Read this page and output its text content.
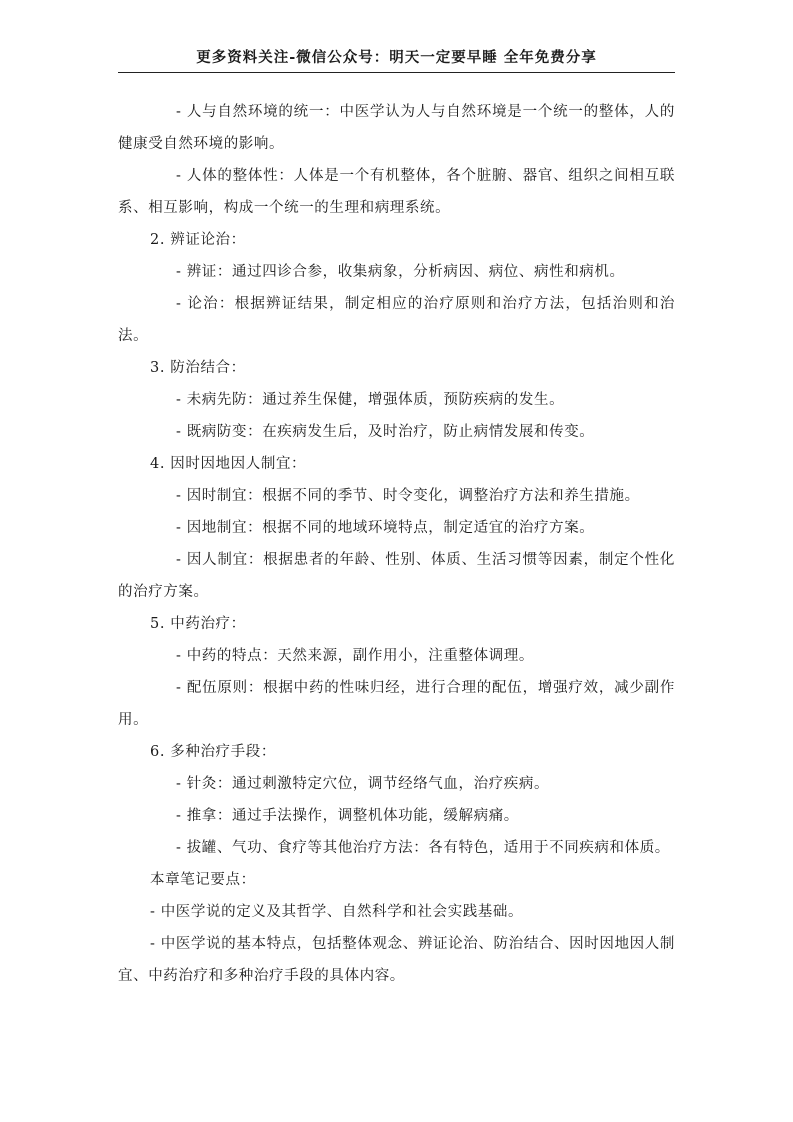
更多资料关注-微信公众号：明天一定要早睡 全年免费分享

- 人与自然环境的统一：中医学认为人与自然环境是一个统一的整体，人的健康受自然环境的影响。

- 人体的整体性：人体是一个有机整体，各个脏腑、器官、组织之间相互联系、相互影响，构成一个统一的生理和病理系统。

2. 辨证论治：

- 辨证：通过四诊合参，收集病象，分析病因、病位、病性和病机。

- 论治：根据辨证结果，制定相应的治疗原则和治疗方法，包括治则和治法。

3. 防治结合：

- 未病先防：通过养生保健，增强体质，预防疾病的发生。

- 既病防变：在疾病发生后，及时治疗，防止病情发展和传变。

4. 因时因地因人制宜：

- 因时制宜：根据不同的季节、时令变化，调整治疗方法和养生措施。

- 因地制宜：根据不同的地域环境特点，制定适宜的治疗方案。

- 因人制宜：根据患者的年龄、性别、体质、生活习惯等因素，制定个性化的治疗方案。

5. 中药治疗：

- 中药的特点：天然来源，副作用小，注重整体调理。

- 配伍原则：根据中药的性味归经，进行合理的配伍，增强疗效，减少副作用。

6. 多种治疗手段：

- 针灸：通过刺激特定穴位，调节经络气血，治疗疾病。

- 推拿：通过手法操作，调整机体功能，缓解病痛。

- 拔罐、气功、食疗等其他治疗方法：各有特色，适用于不同疾病和体质。

本章笔记要点：

- 中医学说的定义及其哲学、自然科学和社会实践基础。

- 中医学说的基本特点，包括整体观念、辨证论治、防治结合、因时因地因人制宜、中药治疗和多种治疗手段的具体内容。
